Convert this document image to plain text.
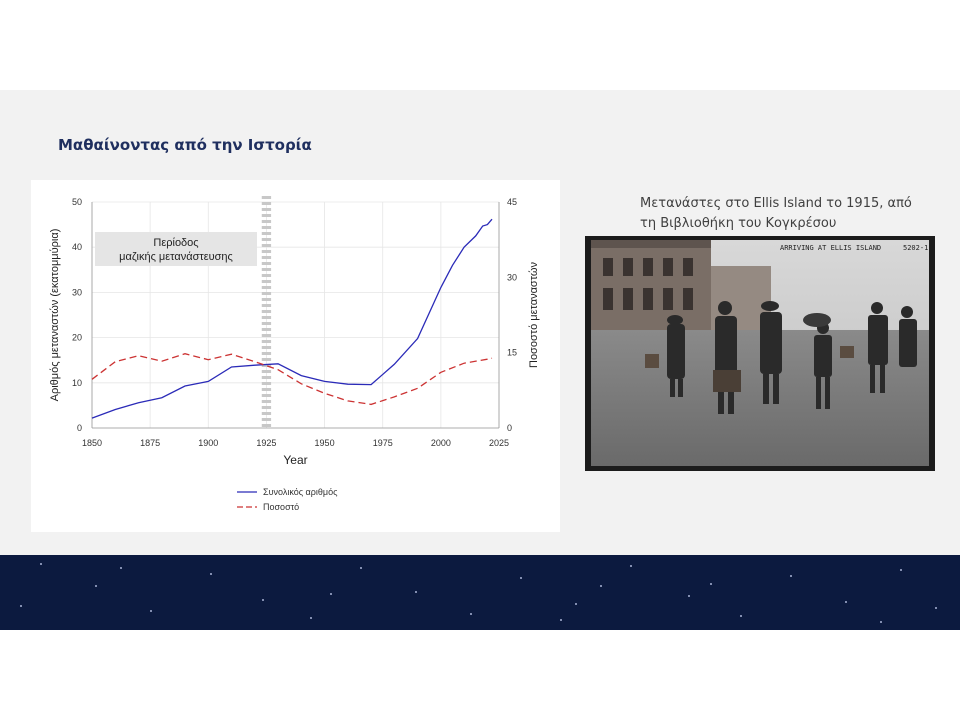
Μαθαίνοντας από την Ιστορία
Περίοδος
μαζικής μετανάστευσης
1850	1875	1900	1925	1950	1975	2000	2025
0
10
20
30
40
50
0
15
30
45
Year
Αριθμός μεταναστών (εκατομμύρια)	Ποσοστό μεταναστών
Συνολικός αριθμός
Ποσοστό
Μετανάστες στο Ellis Island το 1915, από τη Βιβλιοθήκη του Κογκρέσου
ARRIVING AT ELLIS ISLAND	5202-1
